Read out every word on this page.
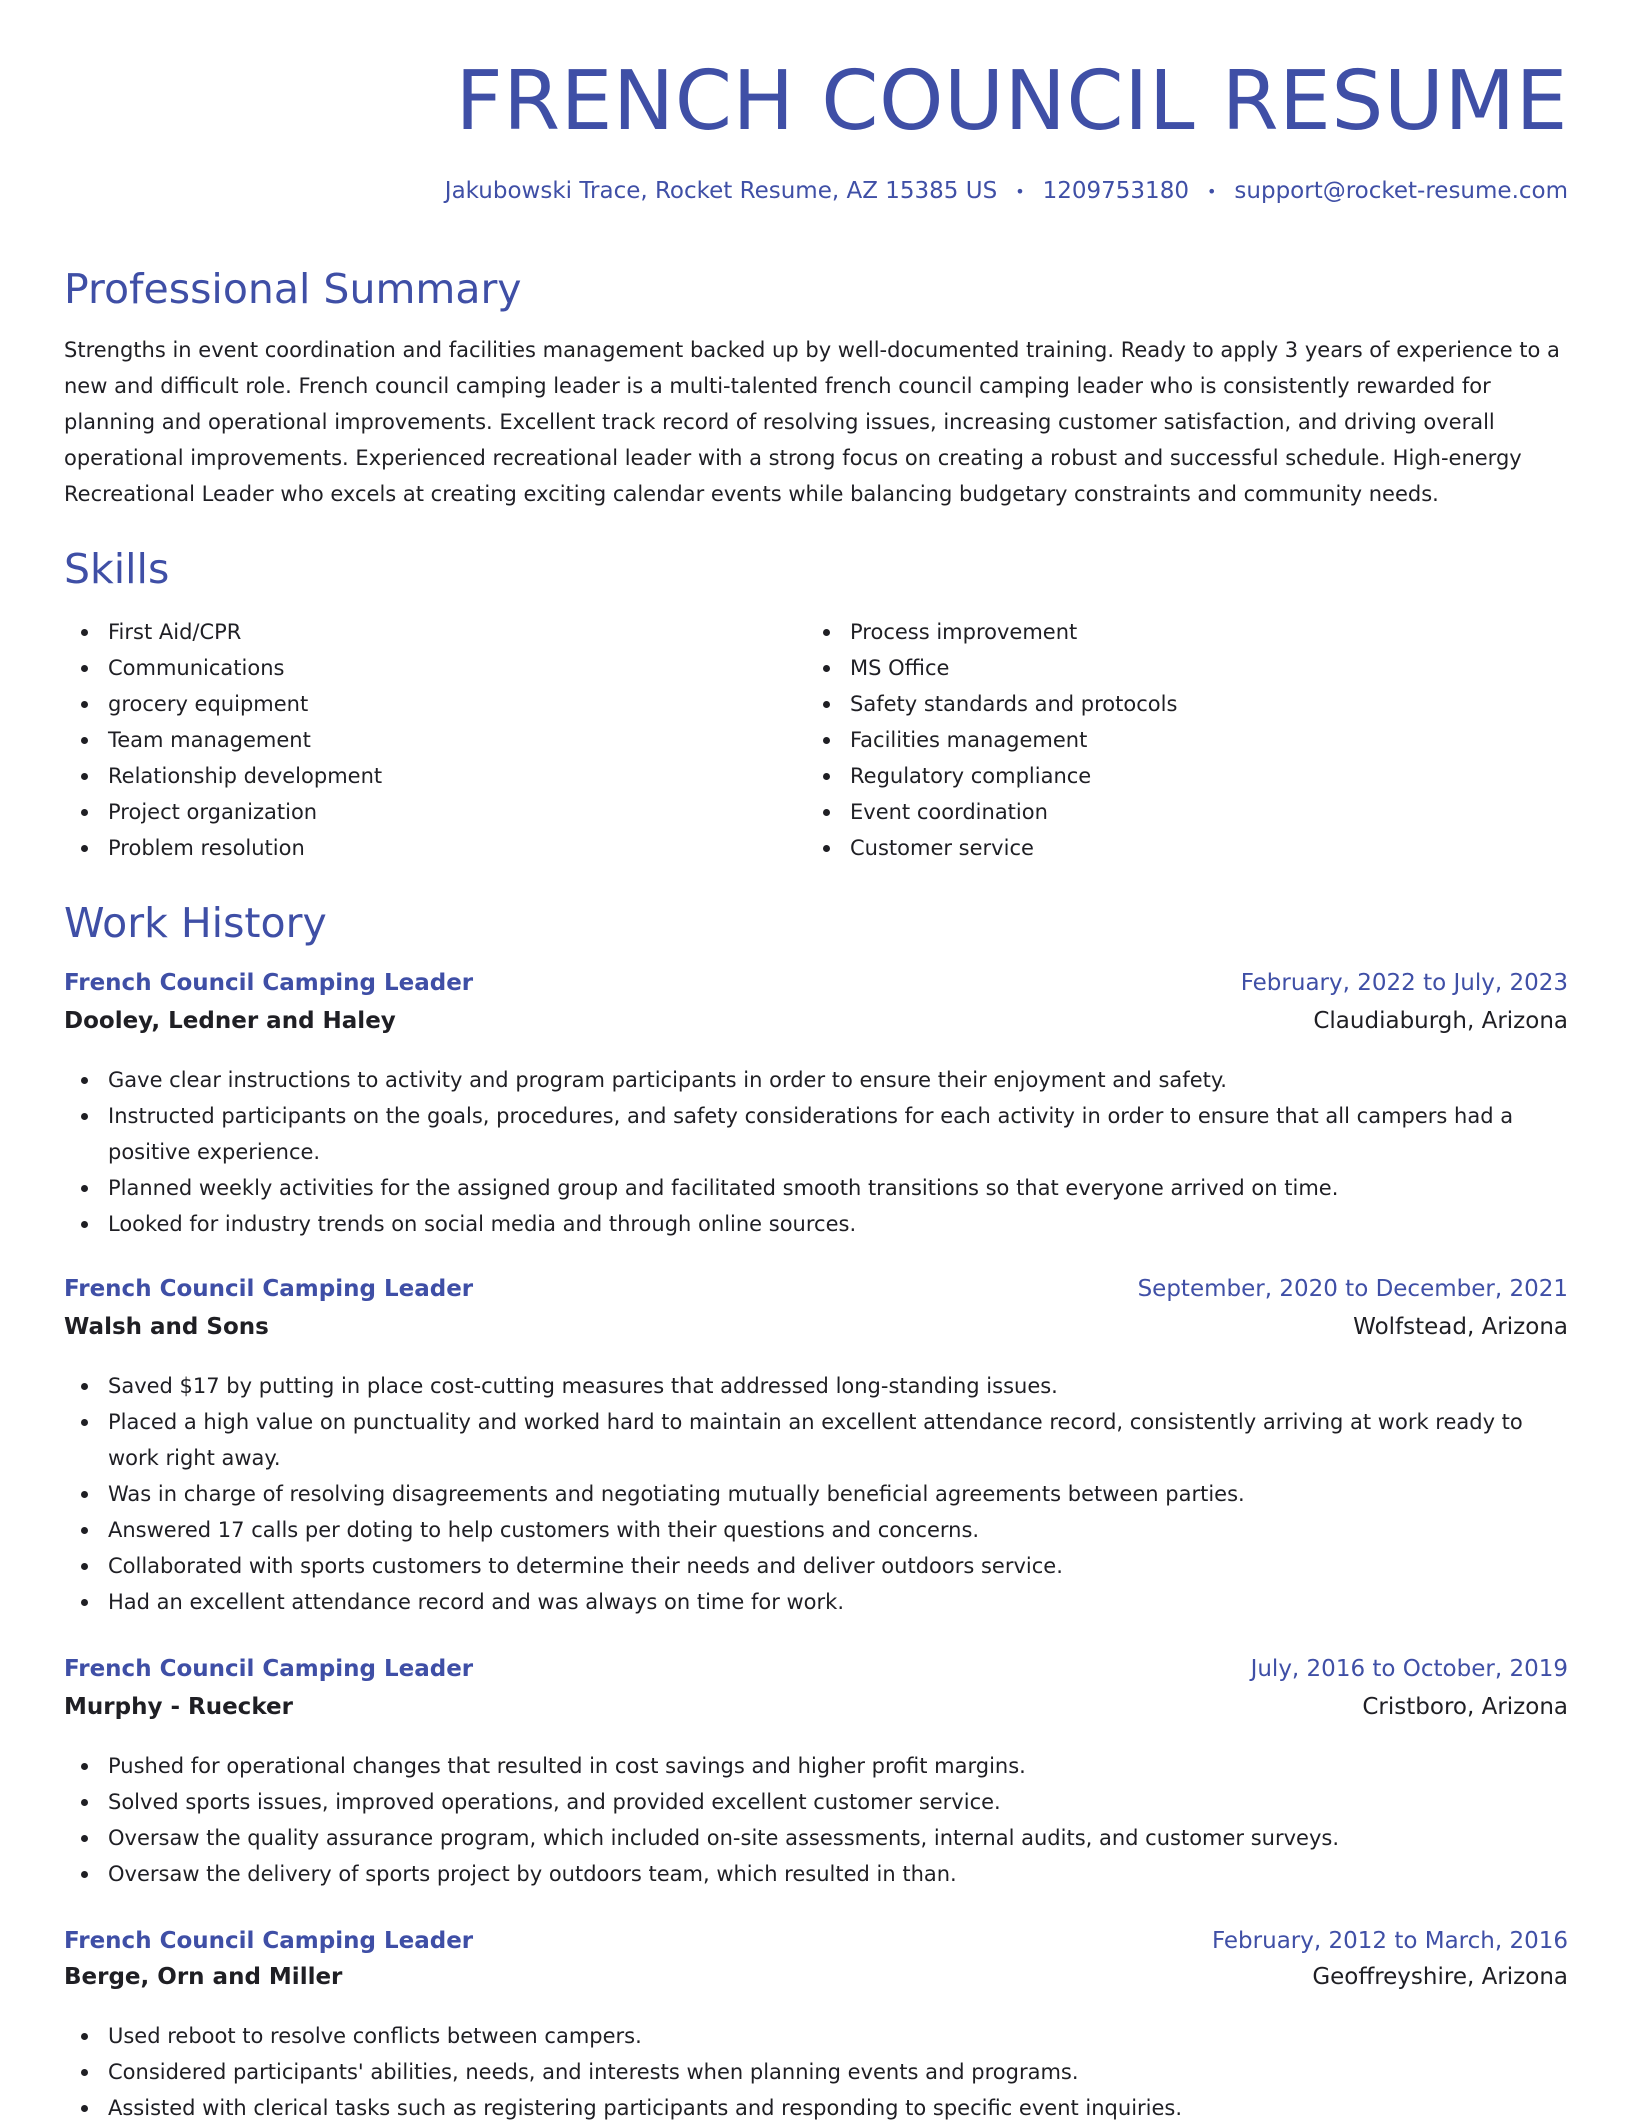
FRENCH COUNCIL RESUME
Jakubowski Trace, Rocket Resume, AZ 15385 US • 1209753180 • support@rocket-resume.com
Professional Summary

Strengths in event coordination and facilities management backed up by well-documented training. Ready to apply 3 years of experience to a new and difficult role. French council camping leader is a multi-talented french council camping leader who is consistently rewarded for planning and operational improvements. Excellent track record of resolving issues, increasing customer satisfaction, and driving overall operational improvements. Experienced recreational leader with a strong focus on creating a robust and successful schedule. High-energy Recreational Leader who excels at creating exciting calendar events while balancing budgetary constraints and community needs.

Skills
First Aid/CPR
Communications
grocery equipment
Team management
Relationship development
Project organization
Problem resolution
Process improvement
MS Office
Safety standards and protocols
Facilities management
Regulatory compliance
Event coordination
Customer service
Work History
French Council Camping Leader	February, 2022 to July, 2023
Dooley, Ledner and Haley	Claudiaburgh, Arizona
Gave clear instructions to activity and program participants in order to ensure their enjoyment and safety.
Instructed participants on the goals, procedures, and safety considerations for each activity in order to ensure that all campers had a positive experience.
Planned weekly activities for the assigned group and facilitated smooth transitions so that everyone arrived on time.
Looked for industry trends on social media and through online sources.
French Council Camping Leader	September, 2020 to December, 2021
Walsh and Sons	Wolfstead, Arizona
Saved $17 by putting in place cost-cutting measures that addressed long-standing issues.
Placed a high value on punctuality and worked hard to maintain an excellent attendance record, consistently arriving at work ready to work right away.
Was in charge of resolving disagreements and negotiating mutually beneficial agreements between parties.
Answered 17 calls per doting to help customers with their questions and concerns.
Collaborated with sports customers to determine their needs and deliver outdoors service.
Had an excellent attendance record and was always on time for work.
French Council Camping Leader	July, 2016 to October, 2019
Murphy - Ruecker	Cristboro, Arizona
Pushed for operational changes that resulted in cost savings and higher profit margins.
Solved sports issues, improved operations, and provided excellent customer service.
Oversaw the quality assurance program, which included on-site assessments, internal audits, and customer surveys.
Oversaw the delivery of sports project by outdoors team, which resulted in than.
French Council Camping Leader	February, 2012 to March, 2016
Berge, Orn and Miller	Geoffreyshire, Arizona
Used reboot to resolve conflicts between campers.
Considered participants' abilities, needs, and interests when planning events and programs.
Assisted with clerical tasks such as registering participants and responding to specific event inquiries.
